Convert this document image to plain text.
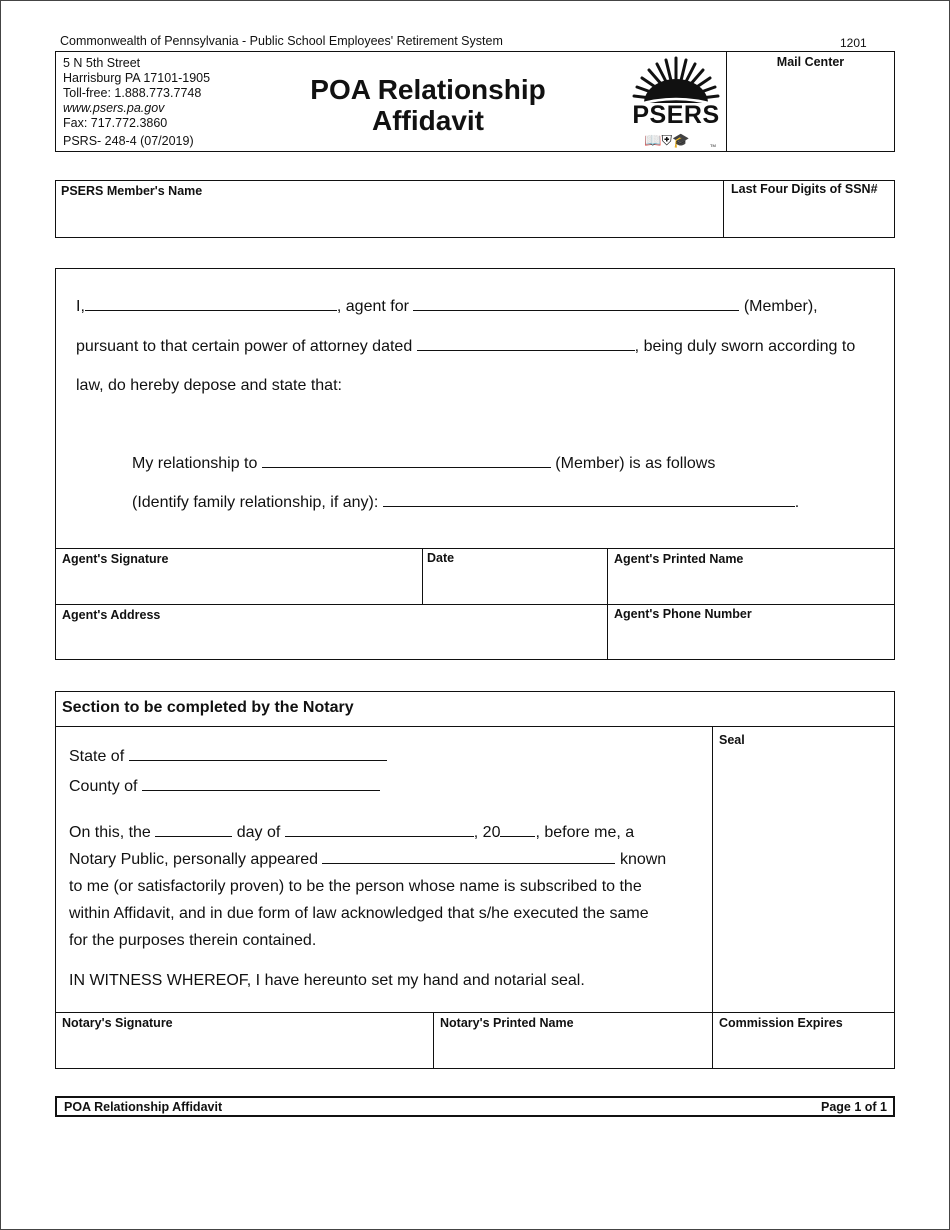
Commonwealth of Pennsylvania - Public School Employees' Retirement System	1201
5 N 5th Street
Harrisburg PA 17101-1905
Toll-free: 1.888.773.7748
www.psers.pa.gov
Fax: 717.772.3860
PSRS- 248-4 (07/2019)
POA Relationship
Affidavit	PSERS
📖⛨🎓	TM
Mail Center
PSERS Member's Name	Last Four Digits of SSN#
I,	, agent for	(Member),
pursuant to that certain power of attorney dated	, being duly sworn according to
law, do hereby depose and state that:
My relationship to	(Member) is as follows
(Identify family relationship, if any):	.
Agent's Signature	Date	Agent's Printed Name
Agent's Address	Agent's Phone Number
Section to be completed by the Notary
Seal
State of
County of
On this, the	day of	, 20 , before me, a
Notary Public, personally appeared	known
to me (or satisfactorily proven) to be the person whose name is subscribed to the
within Affidavit, and in due form of law acknowledged that s/he executed the same
for the purposes therein contained.
IN WITNESS WHEREOF, I have hereunto set my hand and notarial seal.
Notary's Signature	Notary's Printed Name	Commission Expires
POA Relationship Affidavit	Page 1 of 1
